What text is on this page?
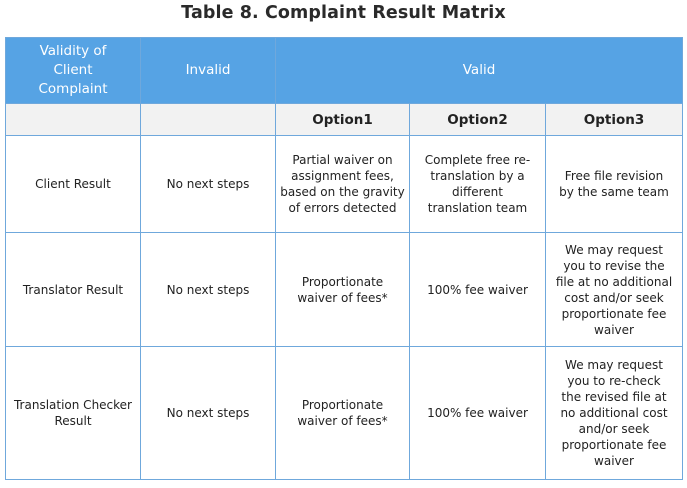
Table 8. Complaint Result Matrix
Validity of Client Complaint	Invalid	Valid		
		Option1	Option2	Option3
Client Result	No next steps	Partial waiver on assignment fees, based on the gravity of errors detected	Complete free re-translation by a different translation team	Free file revision by the same team
Translator Result	No next steps	Proportionate waiver of fees*	100% fee waiver	We may request you to revise the file at no additional cost and/or seek proportionate fee waiver
Translation Checker Result	No next steps	Proportionate waiver of fees*	100% fee waiver	We may request you to re-check the revised file at no additional cost and/or seek proportionate fee waiver
